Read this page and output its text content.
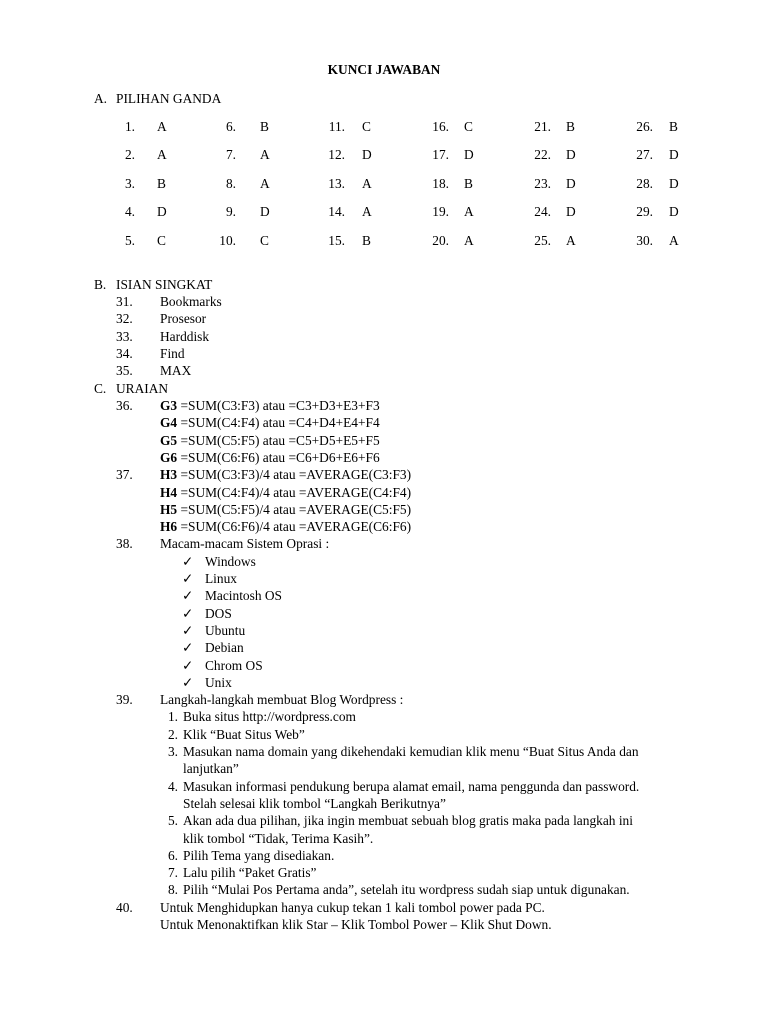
KUNCI JAWABAN
A. PILIHAN GANDA
1. A
2. A
3. B
4. D
5. C
6. B
7. A
8. A
9. D
10. C
11. C
12. D
13. A
14. A
15. B
16. C
17. D
18. B
19. A
20. A
21. B
22. D
23. D
24. D
25. A
26. B
27. D
28. D
29. D
30. A
B. ISIAN SINGKAT
31. Bookmarks
32. Prosesor
33. Harddisk
34. Find
35. MAX
C. URAIAN
36. G3 =SUM(C3:F3) atau =C3+D3+E3+F3
G4 =SUM(C4:F4) atau =C4+D4+E4+F4
G5 =SUM(C5:F5) atau =C5+D5+E5+F5
G6 =SUM(C6:F6) atau =C6+D6+E6+F6
37. H3 =SUM(C3:F3)/4 atau =AVERAGE(C3:F3)
H4 =SUM(C4:F4)/4 atau =AVERAGE(C4:F4)
H5 =SUM(C5:F5)/4 atau =AVERAGE(C5:F5)
H6 =SUM(C6:F6)/4 atau =AVERAGE(C6:F6)
38. Macam-macam Sistem Oprasi :
✓ Windows
✓ Linux
✓ Macintosh OS
✓ DOS
✓ Ubuntu
✓ Debian
✓ Chrom OS
✓ Unix
39. Langkah-langkah membuat Blog Wordpress :
1. Buka situs http://wordpress.com
2. Klik “Buat Situs Web”
3. Masukan nama domain yang dikehendaki kemudian klik menu “Buat Situs Anda dan
lanjutkan”
4. Masukan informasi pendukung berupa alamat email, nama penggunda dan password.
Stelah selesai klik tombol “Langkah Berikutnya”
5. Akan ada dua pilihan, jika ingin membuat sebuah blog gratis maka pada langkah ini
klik tombol “Tidak, Terima Kasih”.
6. Pilih Tema yang disediakan.
7. Lalu pilih “Paket Gratis”
8. Pilih “Mulai Pos Pertama anda”, setelah itu wordpress sudah siap untuk digunakan.
40. Untuk Menghidupkan hanya cukup tekan 1 kali tombol power pada PC.
Untuk Menonaktifkan klik Star – Klik Tombol Power – Klik Shut Down.
